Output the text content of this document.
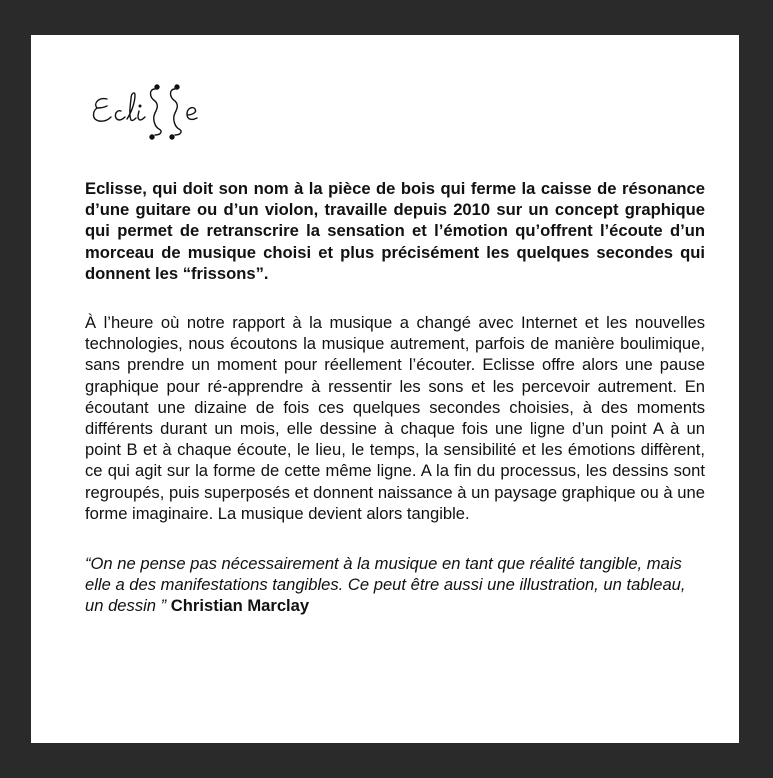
Eclisse, qui doit son nom à la pièce de bois qui ferme la caisse de résonance d’une guitare ou d’un violon, travaille depuis 2010 sur un concept graphique qui permet de retranscrire la sensation et l’émotion qu’offrent l’écoute d’un morceau de musique choisi et plus précisément les quelques secondes qui donnent les “frissons”.

À l’heure où notre rapport à la musique a changé avec Internet et les nouvelles technologies, nous écoutons la musique autrement, parfois de manière boulimique, sans prendre un moment pour réellement l’écouter. Eclisse offre alors une pause graphique pour ré-apprendre à ressentir les sons et les percevoir autrement. En écoutant une dizaine de fois ces quelques secondes choisies, à des moments différents durant un mois, elle dessine à chaque fois une ligne d’un point A à un point B et à chaque écoute, le lieu, le temps, la sensibilité et les émotions diffèrent, ce qui agit sur la forme de cette même ligne. A la fin du processus, les dessins sont regroupés, puis superposés et donnent naissance à un paysage graphique ou à une forme imaginaire. La musique devient alors tangible.

“On ne pense pas nécessairement à la musique en tant que réalité tangible, mais elle a des manifestations tangibles. Ce peut être aussi une illustration, un tableau, un dessin ” Christian Marclay
